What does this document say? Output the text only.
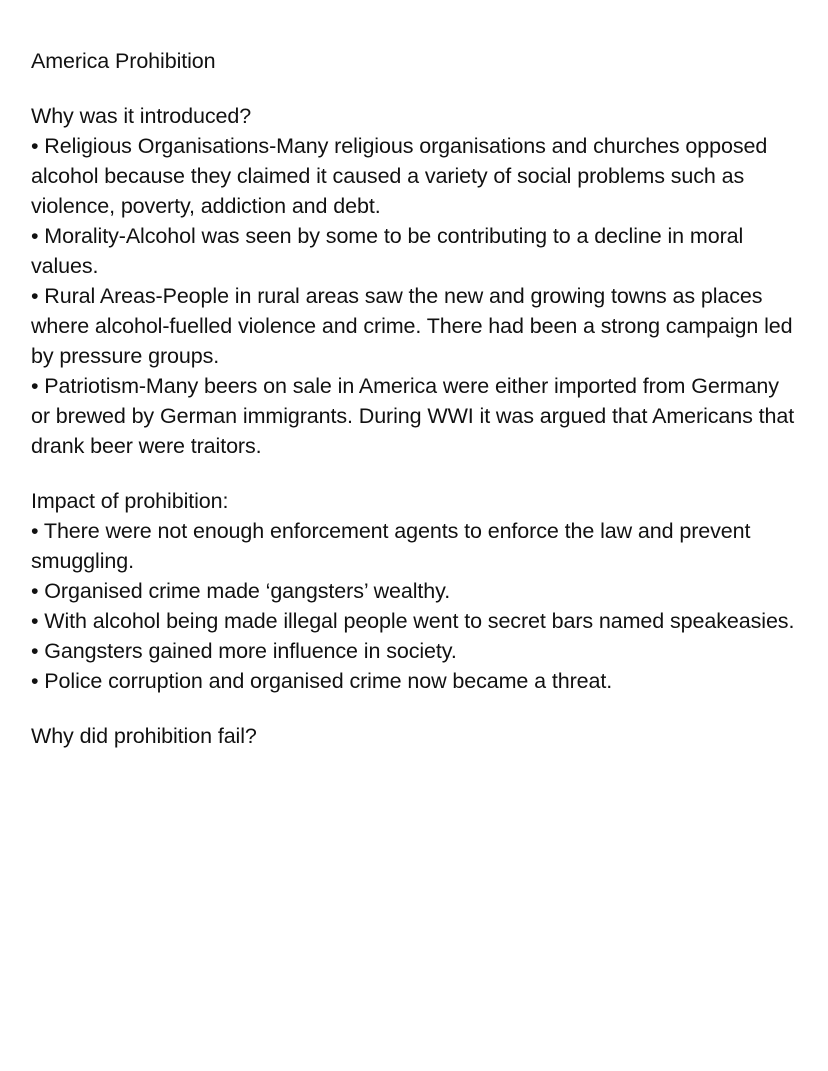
America Prohibition

Why was it introduced?

• Religious Organisations-Many religious organisations and churches opposed alcohol because they claimed it caused a variety of social problems such as violence, poverty, addiction and debt.

• Morality-Alcohol was seen by some to be contributing to a decline in moral values.

• Rural Areas-People in rural areas saw the new and growing towns as places where alcohol-fuelled violence and crime. There had been a strong campaign led by pressure groups.

• Patriotism-Many beers on sale in America were either imported from Germany or brewed by German immigrants. During WWI it was argued that Americans that drank beer were traitors.

Impact of prohibition:

• There were not enough enforcement agents to enforce the law and prevent smuggling.

• Organised crime made ‘gangsters’ wealthy.

• With alcohol being made illegal people went to secret bars named speakeasies.

• Gangsters gained more influence in society.

• Police corruption and organised crime now became a threat.

Why did prohibition fail?
